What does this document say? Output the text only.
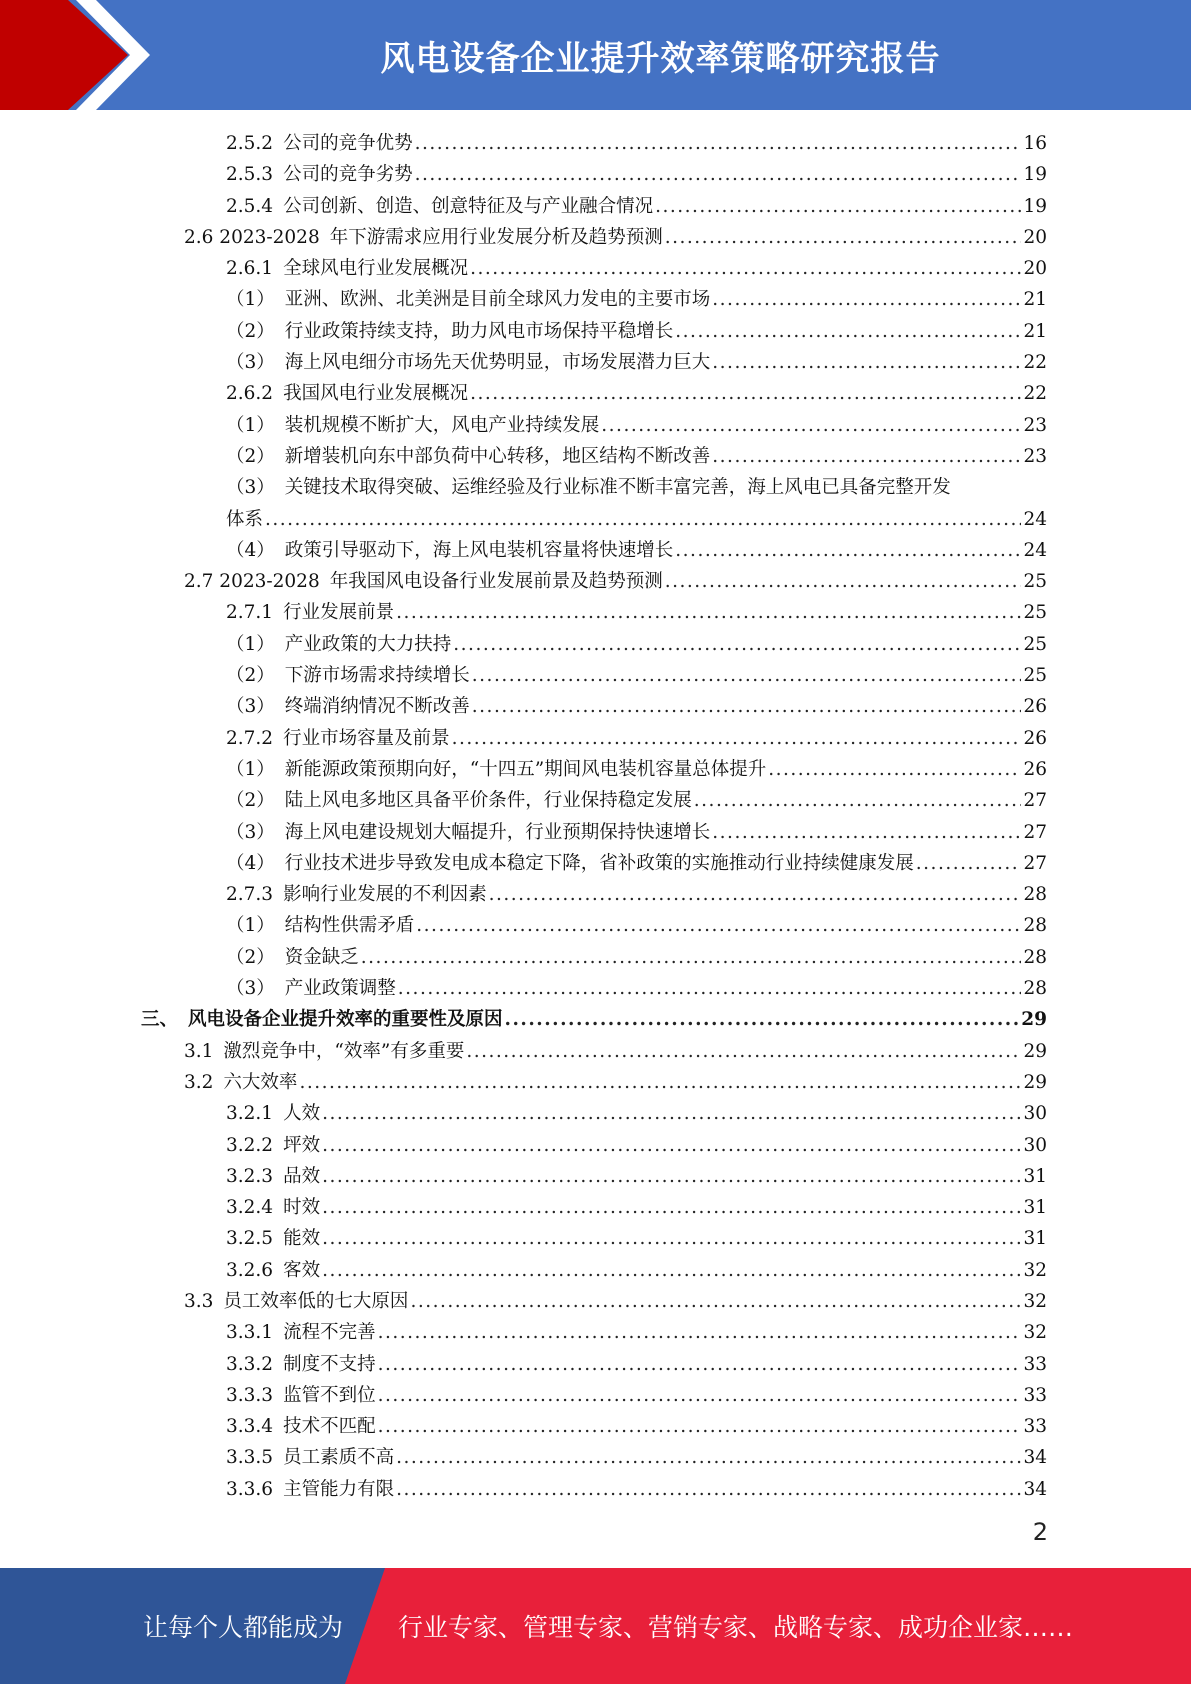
风电设备企业提升效率策略研究报告
2.5.2 公司的竞争优势 .....	16
2.5.3 公司的竞争劣势 .....	19
2.5.4 公司创新、创造、创意特征及与产业融合情况 .....	19
2.6 2023-2028 年下游需求应用行业发展分析及趋势预测 .....	20
2.6.1 全球风电行业发展概况 .....	20
（1） 亚洲、欧洲、北美洲是目前全球风力发电的主要市场 .....	21
（2） 行业政策持续支持，助力风电市场保持平稳增长 .....	21
（3） 海上风电细分市场先天优势明显，市场发展潜力巨大 .....	22
2.6.2 我国风电行业发展概况 .....	22
（1） 装机规模不断扩大，风电产业持续发展 .....	23
（2） 新增装机向东中部负荷中心转移，地区结构不断改善 .....	23
（3） 关键技术取得突破、运维经验及行业标准不断丰富完善，海上风电已具备完整开发
体系 .....	24
（4） 政策引导驱动下，海上风电装机容量将快速增长 .....	24
2.7 2023-2028 年我国风电设备行业发展前景及趋势预测 .....	25
2.7.1 行业发展前景 .....	25
（1） 产业政策的大力扶持 .....	25
（2） 下游市场需求持续增长 .....	25
（3） 终端消纳情况不断改善 .....	26
2.7.2 行业市场容量及前景 .....	26
（1） 新能源政策预期向好，“十四五”期间风电装机容量总体提升 .....	26
（2） 陆上风电多地区具备平价条件，行业保持稳定发展 .....	27
（3） 海上风电建设规划大幅提升，行业预期保持快速增长 .....	27
（4） 行业技术进步导致发电成本稳定下降，省补政策的实施推动行业持续健康发展 .....	27
2.7.3 影响行业发展的不利因素 .....	28
（1） 结构性供需矛盾 .....	28
（2） 资金缺乏 .....	28
（3） 产业政策调整 .....	28
三、 风电设备企业提升效率的重要性及原因 .....	29
3.1 激烈竞争中，“效率”有多重要 .....	29
3.2 六大效率 .....	29
3.2.1 人效 .....	30
3.2.2 坪效 .....	30
3.2.3 品效 .....	31
3.2.4 时效 .....	31
3.2.5 能效 .....	31
3.2.6 客效 .....	32
3.3 员工效率低的七大原因 .....	32
3.3.1 流程不完善 .....	32
3.3.2 制度不支持 .....	33
3.3.3 监管不到位 .....	33
3.3.4 技术不匹配 .....	33
3.3.5 员工素质不高 .....	34
3.3.6 主管能力有限 .....	34
2
让每个人都能成为 行业专家、管理专家、营销专家、战略专家、成功企业家……
